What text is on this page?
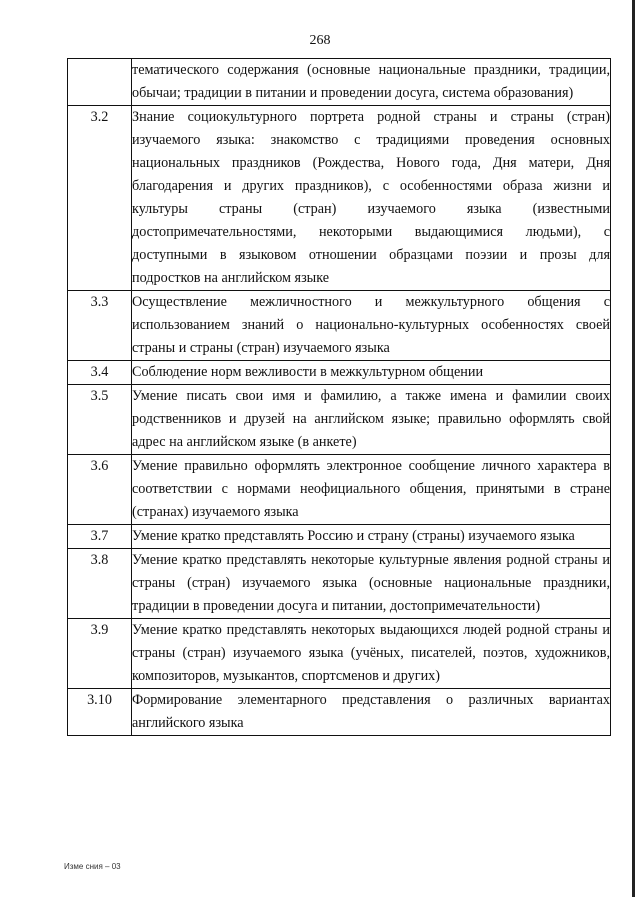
268
	тематического содержания (основные национальные праздники, традиции, обычаи; традиции в питании и проведении досуга, система образования)
3.2	Знание социокультурного портрета родной страны и страны (стран) изучаемого языка: знакомство с традициями проведения основных национальных праздников (Рождества, Нового года, Дня матери, Дня благодарения и других праздников), с особенностями образа жизни и культуры страны (стран) изучаемого языка (известными достопримечательностями, некоторыми выдающимися людьми), с доступными в языковом отношении образцами поэзии и прозы для подростков на английском языке
3.3	Осуществление межличностного и межкультурного общения с использованием знаний о национально-культурных особенностях своей страны и страны (стран) изучаемого языка
3.4	Соблюдение норм вежливости в межкультурном общении
3.5	Умение писать свои имя и фамилию, а также имена и фамилии своих родственников и друзей на английском языке; правильно оформлять свой адрес на английском языке (в анкете)
3.6	Умение правильно оформлять электронное сообщение личного характера в соответствии с нормами неофициального общения, принятыми в стране (странах) изучаемого языка
3.7	Умение кратко представлять Россию и страну (страны) изучаемого языка
3.8	Умение кратко представлять некоторые культурные явления родной страны и страны (стран) изучаемого языка (основные национальные праздники, традиции в проведении досуга и питании, достопримечательности)
3.9	Умение кратко представлять некоторых выдающихся людей родной страны и страны (стран) изучаемого языка (учёных, писателей, поэтов, художников, композиторов, музыкантов, спортсменов и других)
3.10	Формирование элементарного представления о различных вариантах английского языка
Изме сния – 03
